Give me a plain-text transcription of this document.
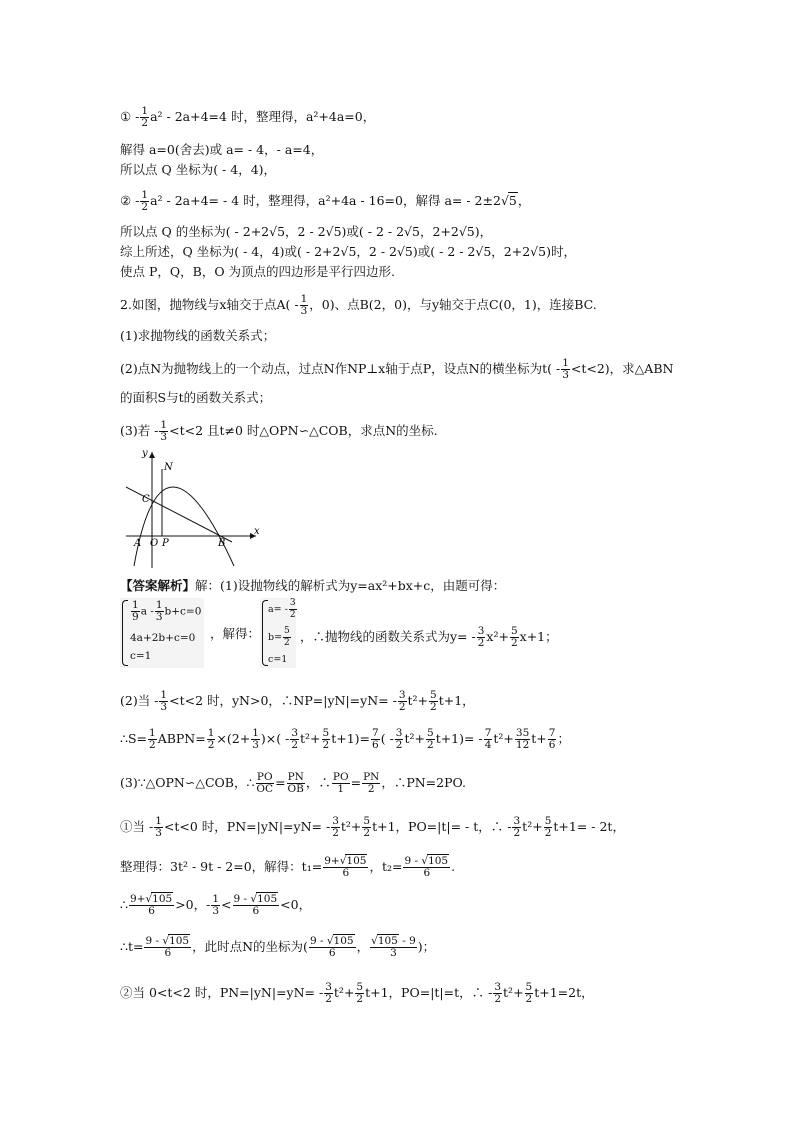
① - $\frac{1}{2} a^2 - 2a+4=4$ 时，整理得，a²+4a=0，
解得 a=0(舍去)或 a= - 4，- a=4，
所以点 Q 坐标为( - 4，4)，
② - $\frac{1}{2} a^2 - 2a+4= - 4$ 时，整理得，a²+4a - 16=0，解得 a= - 2±2√5，
所以点 Q 的坐标为( - 2+2√5，2 - 2√5)或( - 2 - 2√5，2+2√5)，
综上所述，Q 坐标为( - 4，4)或( - 2+2√5，2 - 2√5)或( - 2 - 2√5，2+2√5)时，
使点 P，Q，B，O 为顶点的四边形是平行四边形.
2.如图，抛物线与x轴交于点$A( - \frac{1}{3}$ ，0)、点B(2，0)，与y轴交于点C(0，1)，连接BC.
(1)求抛物线的函数关系式；
(2)点N为抛物线上的一个动点，过点N作NP⊥x轴于点P，设点N的横坐标为$t( - \frac{1}{3} <t<2)$，求△ABN
的面积S与t的函数关系式；
(3)若 - $\frac{1}{3} <t<2$ 且t≠0 时△OPN∽△COB，求点N的坐标.
y
x
N
C
A O P	B
【答案解析】解：(1)设抛物线的解析式为y=ax²+bx+c，由题可得：
$\frac{1}{9}$ $a - \frac{1}{3} b+c=0$
4a+2b+c=0
c=1
，解得：
$a= - \frac{3}{2}$
$b= \frac{5}{2}$
c=1
，∴抛物线的函数关系式为$y= - \frac{3}{2} x^2+ \frac{5}{2} x+1$；
(2)当 - $\frac{1}{3} <t<2$ 时，yN>0，∴NP=|yN|=yN= - $\frac{3}{2} t^2+ \frac{5}{2} t+1$，
∴S= $\frac{1}{2}$ ABPN= $\frac{1}{2} \times(2+ \frac{1}{3}$ )×( - $\frac{3}{2} t^2+ \frac{5}{2} t+1)= \frac{7}{6}$ ( - $\frac{3}{2} t^2+ \frac{5}{2} t+1)= - \frac{7}{4} t^2+ \frac{35}{12} t+ \frac{7}{6}$ ；
(3)∵△OPN∽△COB，∴ $\frac{PO}{OC} = \frac{PN}{OB}$ ，∴ $\frac{PO}{1} = \frac{PN}{2}$ ，∴PN=2PO.
①当 - $\frac{1}{3} <t<0$ 时，$PN=|yN|=yN= - \frac{3}{2} t^2+ \frac{5}{2} t+1$，PO=|t|= - t，∴ - $\frac{3}{2} t^2+ \frac{5}{2} t+1= - 2t$，
整理得：3t² - 9t - 2=0，解得：$t_1= \frac{9+√105}{6}$ ，$t_2= \frac{9 - √105}{6}$ .
∴ $\frac{9+√105}{6} >0$，- $\frac{1}{3} < \frac{9 - √105}{6} <0$，
∴t= $\frac{9 - √105}{6}$ ，此时点N的坐标为( $\frac{9 - √105}{6}$ ， $\frac{√105 - 9}{3}$ )；
②当 0<t<2 时，$PN=|yN|=yN= - \frac{3}{2} t^2+ \frac{5}{2} t+1$，PO=|t|=t，∴ - $\frac{3}{2} t^2+ \frac{5}{2} t+1=2t$，
